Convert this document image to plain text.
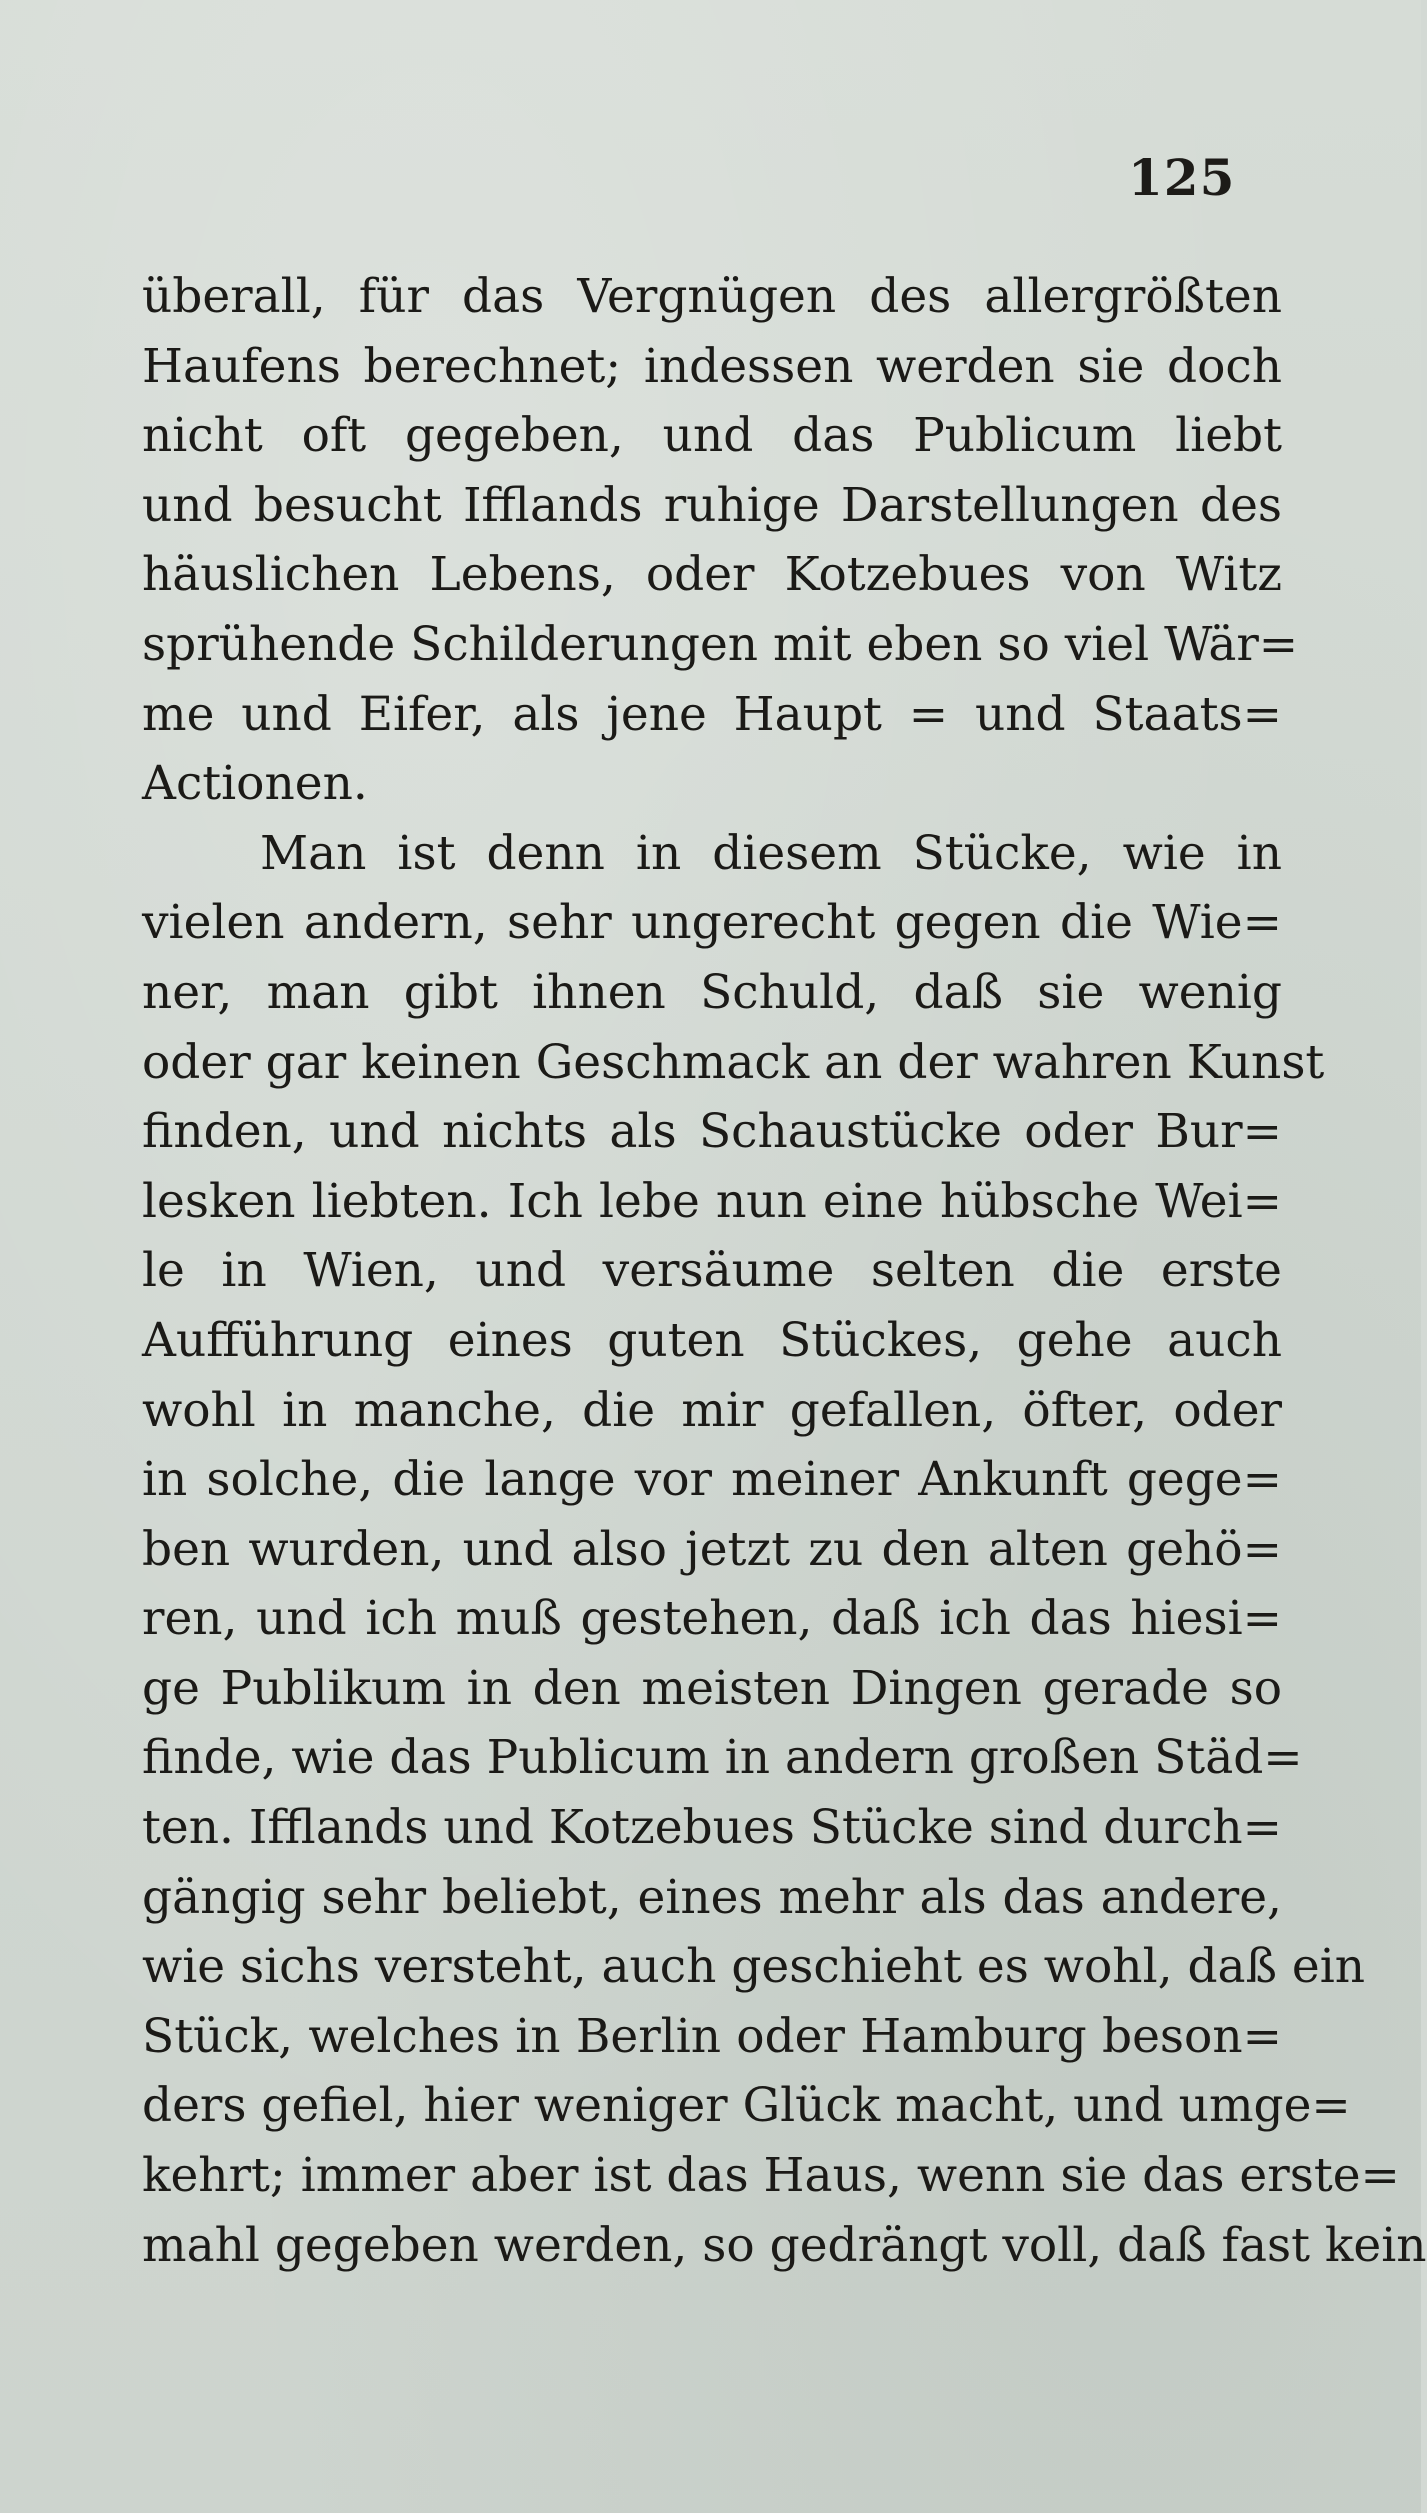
125
überall, für das Vergnügen des allergrößten
Haufens berechnet; indessen werden sie doch
nicht oft gegeben, und das Publicum liebt
und besucht Ifflands ruhige Darstellungen des
häuslichen Lebens, oder Kotzebues von Witz
sprühende Schilderungen mit eben so viel Wär=
me und Eifer, als jene Haupt = und Staats=
Actionen.
Man ist denn in diesem Stücke, wie in
vielen andern, sehr ungerecht gegen die Wie=
ner, man gibt ihnen Schuld, daß sie wenig
oder gar keinen Geschmack an der wahren Kunst
finden, und nichts als Schaustücke oder Bur=
lesken liebten. Ich lebe nun eine hübsche Wei=
le in Wien, und versäume selten die erste
Aufführung eines guten Stückes, gehe auch
wohl in manche, die mir gefallen, öfter, oder
in solche, die lange vor meiner Ankunft gege=
ben wurden, und also jetzt zu den alten gehö=
ren, und ich muß gestehen, daß ich das hiesi=
ge Publikum in den meisten Dingen gerade so
finde, wie das Publicum in andern großen Städ=
ten. Ifflands und Kotzebues Stücke sind durch=
gängig sehr beliebt, eines mehr als das andere,
wie sichs versteht, auch geschieht es wohl, daß ein
Stück, welches in Berlin oder Hamburg beson=
ders gefiel, hier weniger Glück macht, und umge=
kehrt; immer aber ist das Haus, wenn sie das erste=
mahl gegeben werden, so gedrängt voll, daß fast kein
